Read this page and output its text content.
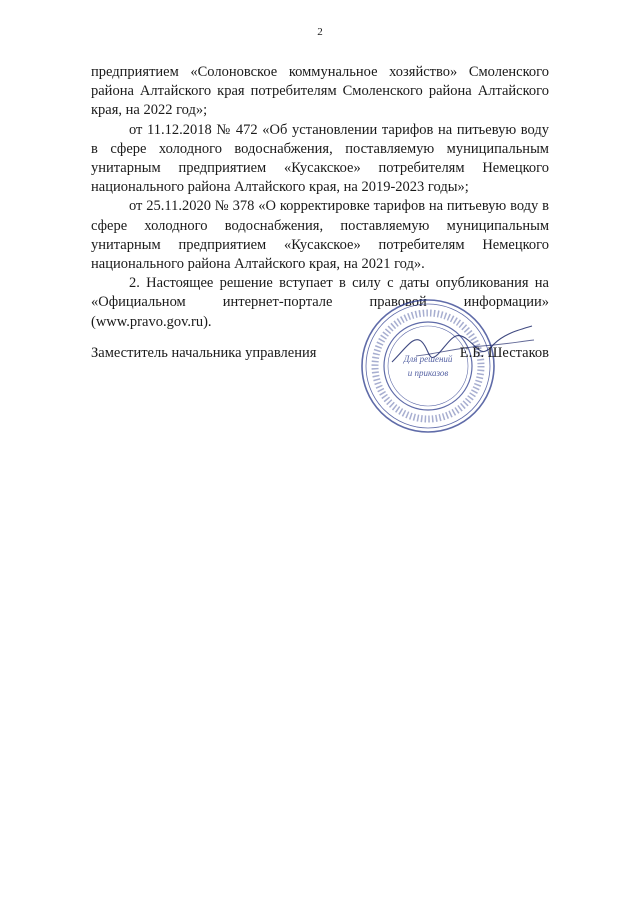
2

предприятием «Солоновское коммунальное хозяйство» Смоленского района Алтайского края потребителям Смоленского района Алтайского края, на 2022 год»;

от 11.12.2018 № 472 «Об установлении тарифов на питьевую воду в сфере холодного водоснабжения, поставляемую муниципальным унитарным предприятием «Кусакское» потребителям Немецкого национального района Алтайского края, на 2019-2023 годы»;

от 25.11.2020 № 378 «О корректировке тарифов на питьевую воду в сфере холодного водоснабжения, поставляемую муниципальным унитарным предприятием «Кусакское» потребителям Немецкого национального района Алтайского края, на 2021 год».

2. Настоящее решение вступает в силу с даты опубликования на «Официальном интернет-портале правовой информации» (www.pravo.gov.ru).

Для решений
и приказов
Заместитель начальника управления	Е.Б. Шестаков
